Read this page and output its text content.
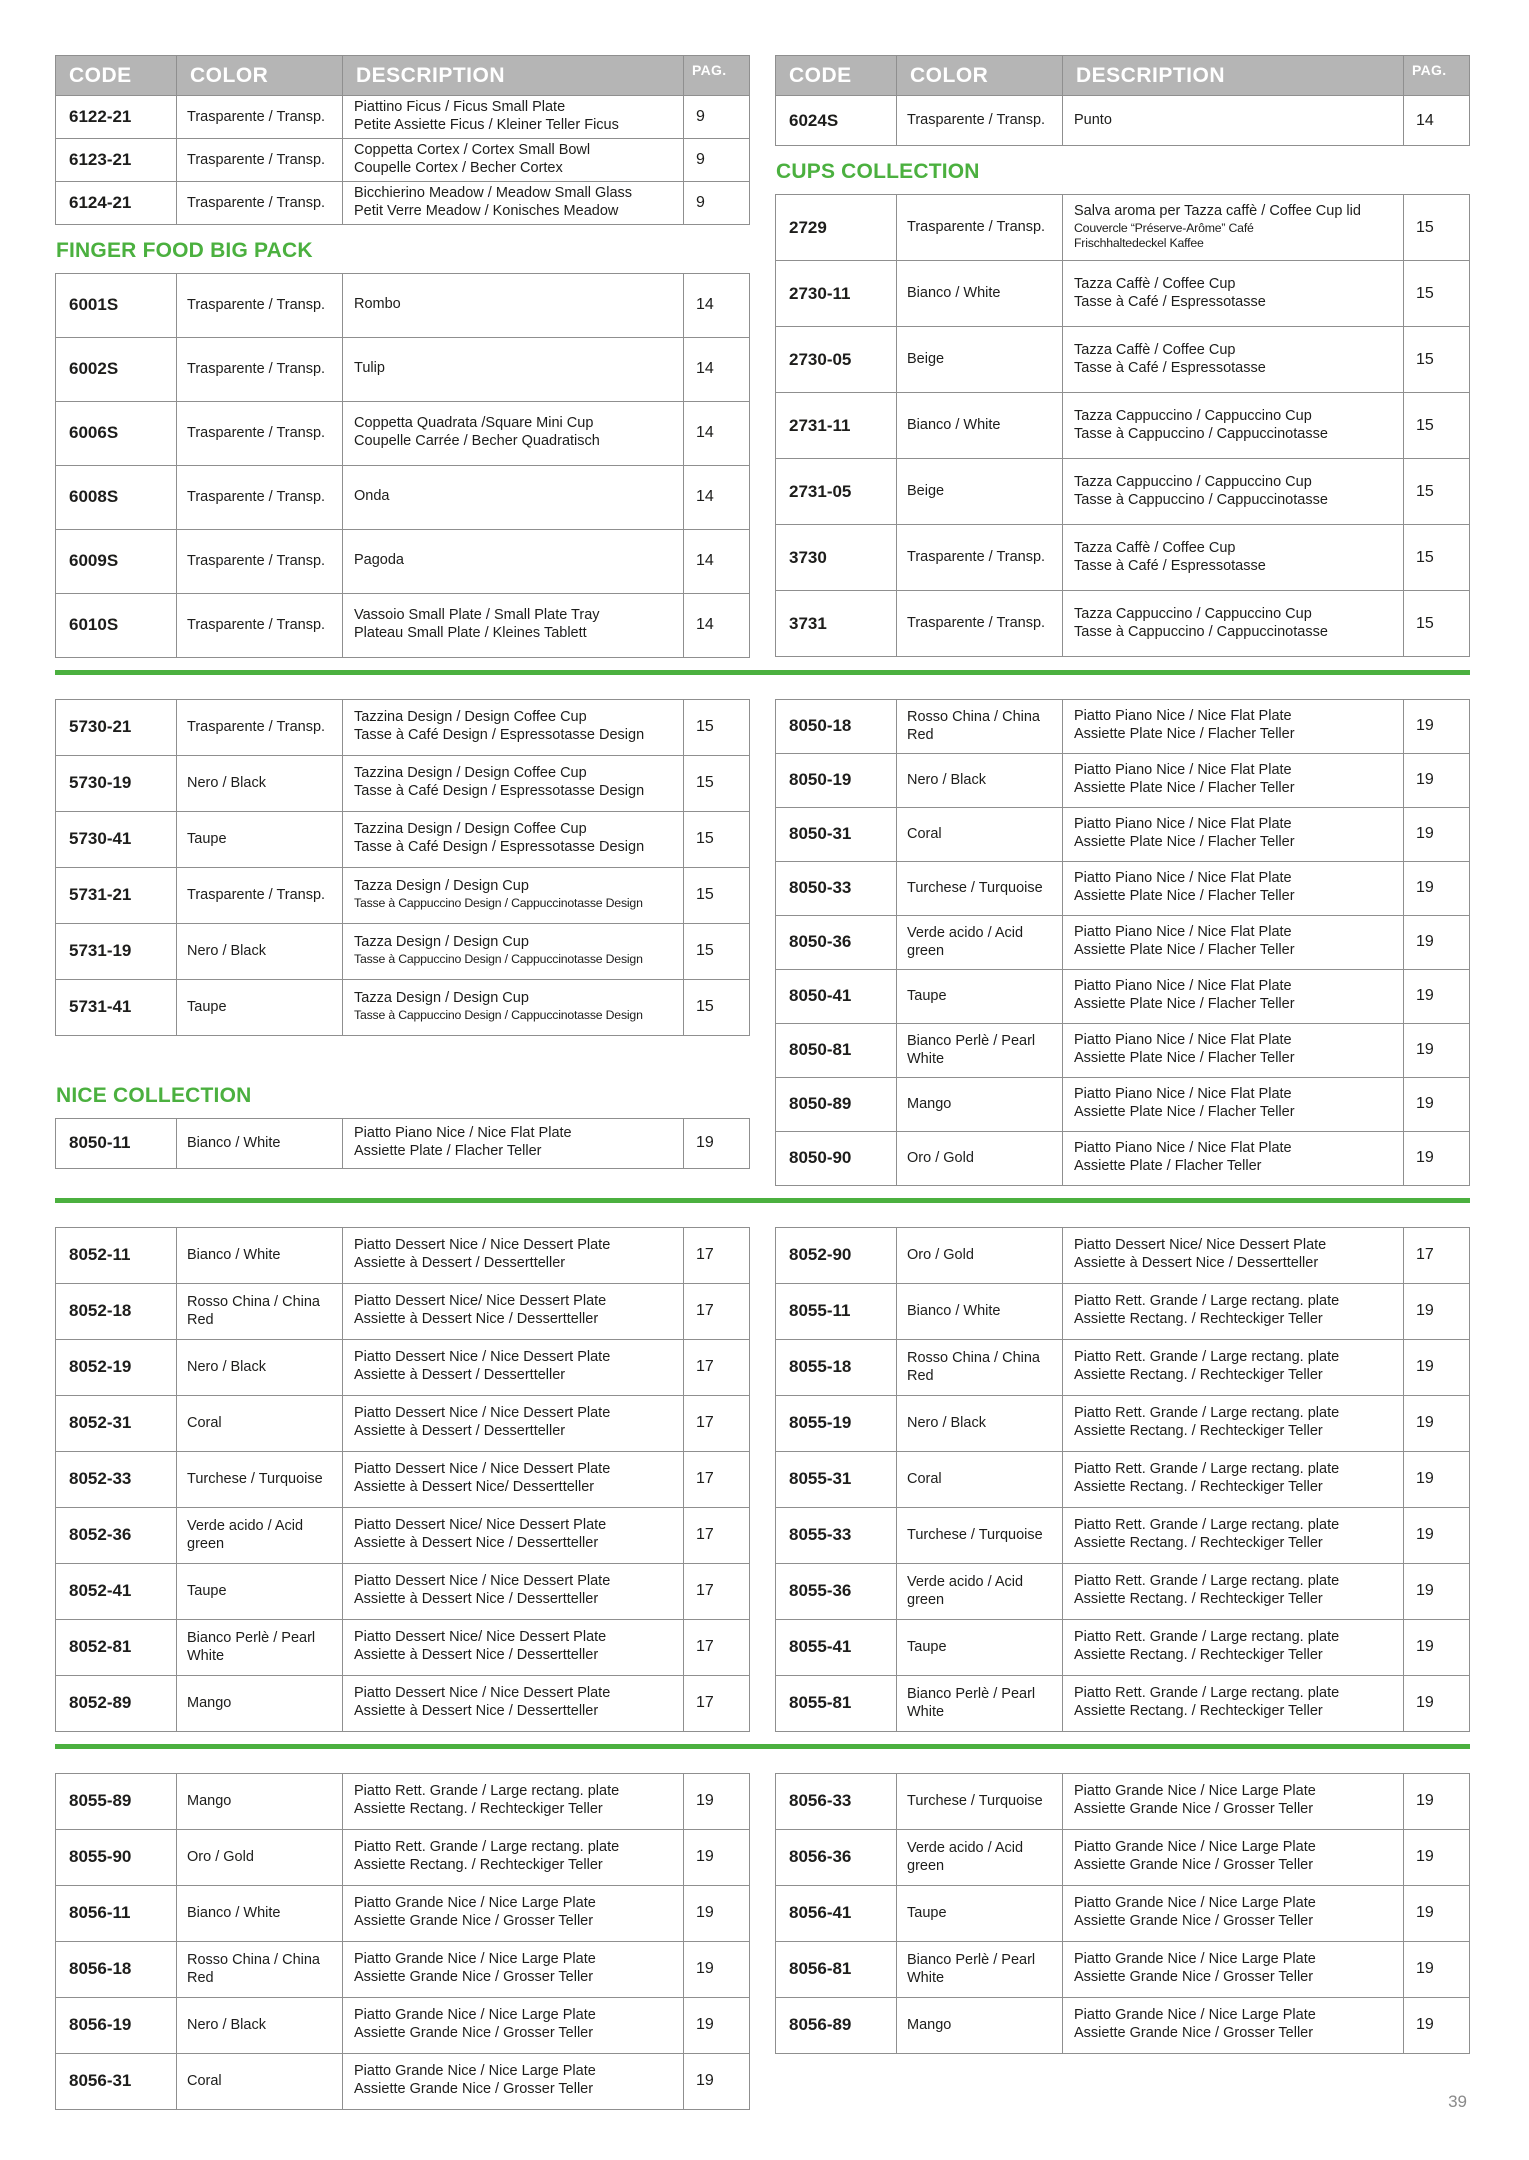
CODE	COLOR	DESCRIPTION	PAG.
6122-21	Trasparente / Transp.	Piattino Ficus / Ficus Small Plate
Petite Assiette Ficus / Kleiner Teller Ficus	9
6123-21	Trasparente / Transp.	Coppetta Cortex / Cortex Small Bowl
Coupelle Cortex / Becher Cortex	9
6124-21	Trasparente / Transp.	Bicchierino Meadow / Meadow Small Glass
Petit Verre Meadow / Konisches Meadow	9
FINGER FOOD BIG PACK
6001S	Trasparente / Transp.	Rombo	14
6002S	Trasparente / Transp.	Tulip	14
6006S	Trasparente / Transp.	Coppetta Quadrata /Square Mini Cup
Coupelle Carrée / Becher Quadratisch	14
6008S	Trasparente / Transp.	Onda	14
6009S	Trasparente / Transp.	Pagoda	14
6010S	Trasparente / Transp.	Vassoio Small Plate / Small Plate Tray
Plateau Small Plate / Kleines Tablett	14
CODE	COLOR	DESCRIPTION	PAG.
6024S	Trasparente / Transp.	Punto	14
CUPS COLLECTION
2729	Trasparente / Transp.	Salva aroma per Tazza caffè / Coffee Cup lid
Couvercle “Préserve-Arôme” Café
Frischhaltedeckel Kaffee	15
2730-11	Bianco / White	Tazza Caffè / Coffee Cup
Tasse à Café / Espressotasse	15
2730-05	Beige	Tazza Caffè / Coffee Cup
Tasse à Café / Espressotasse	15
2731-11	Bianco / White	Tazza Cappuccino / Cappuccino Cup
Tasse à Cappuccino / Cappuccinotasse	15
2731-05	Beige	Tazza Cappuccino / Cappuccino Cup
Tasse à Cappuccino / Cappuccinotasse	15
3730	Trasparente / Transp.	Tazza Caffè / Coffee Cup
Tasse à Café / Espressotasse	15
3731	Trasparente / Transp.	Tazza Cappuccino / Cappuccino Cup
Tasse à Cappuccino / Cappuccinotasse	15
5730-21	Trasparente / Transp.	Tazzina Design / Design Coffee Cup
Tasse à Café Design / Espressotasse Design	15
5730-19	Nero / Black	Tazzina Design / Design Coffee Cup
Tasse à Café Design / Espressotasse Design	15
5730-41	Taupe	Tazzina Design / Design Coffee Cup
Tasse à Café Design / Espressotasse Design	15
5731-21	Trasparente / Transp.	Tazza Design / Design Cup
Tasse à Cappuccino Design / Cappuccinotasse Design	15
5731-19	Nero / Black	Tazza Design / Design Cup
Tasse à Cappuccino Design / Cappuccinotasse Design	15
5731-41	Taupe	Tazza Design / Design Cup
Tasse à Cappuccino Design / Cappuccinotasse Design	15
NICE COLLECTION
8050-11	Bianco / White	
Piatto Piano Nice / Nice Flat Plate
Assiette Plate / Flacher Teller	19
8050-18	Rosso China / China Red	Piatto Piano Nice / Nice Flat Plate
Assiette Plate Nice / Flacher Teller	19
8050-19	Nero / Black	Piatto Piano Nice / Nice Flat Plate
Assiette Plate Nice / Flacher Teller	19
8050-31	Coral	Piatto Piano Nice / Nice Flat Plate
Assiette Plate Nice / Flacher Teller	19
8050-33	Turchese / Turquoise	Piatto Piano Nice / Nice Flat Plate
Assiette Plate Nice / Flacher Teller	19
8050-36	Verde acido / Acid green	Piatto Piano Nice / Nice Flat Plate
Assiette Plate Nice / Flacher Teller	19
8050-41	Taupe	Piatto Piano Nice / Nice Flat Plate
Assiette Plate Nice / Flacher Teller	19
8050-81	Bianco Perlè / Pearl White	Piatto Piano Nice / Nice Flat Plate
Assiette Plate Nice / Flacher Teller	19
8050-89	Mango	Piatto Piano Nice / Nice Flat Plate
Assiette Plate Nice / Flacher Teller	19
8050-90	Oro / Gold	Piatto Piano Nice / Nice Flat Plate
Assiette Plate / Flacher Teller	19
8052-11	Bianco / White	Piatto Dessert Nice / Nice Dessert Plate
Assiette à Dessert / Dessertteller	17
8052-18	Rosso China / China Red	Piatto Dessert Nice/ Nice Dessert Plate
Assiette à Dessert Nice / Dessertteller	17
8052-19	Nero / Black	Piatto Dessert Nice / Nice Dessert Plate
Assiette à Dessert / Dessertteller	17
8052-31	Coral	Piatto Dessert Nice / Nice Dessert Plate
Assiette à Dessert / Dessertteller	17
8052-33	Turchese / Turquoise	Piatto Dessert Nice / Nice Dessert Plate
Assiette à Dessert Nice/ Dessertteller	17
8052-36	Verde acido / Acid green	Piatto Dessert Nice/ Nice Dessert Plate
Assiette à Dessert Nice / Dessertteller	17
8052-41	Taupe	Piatto Dessert Nice / Nice Dessert Plate
Assiette à Dessert Nice / Dessertteller	17
8052-81	Bianco Perlè / Pearl White	Piatto Dessert Nice/ Nice Dessert Plate
Assiette à Dessert Nice / Dessertteller	17
8052-89	Mango	Piatto Dessert Nice / Nice Dessert Plate
Assiette à Dessert Nice / Dessertteller	17
8052-90	Oro / Gold	Piatto Dessert Nice/ Nice Dessert Plate
Assiette à Dessert Nice / Dessertteller	17
8055-11	Bianco / White	Piatto Rett. Grande / Large rectang. plate
Assiette Rectang. / Rechteckiger Teller	19
8055-18	Rosso China / China Red	Piatto Rett. Grande / Large rectang. plate
Assiette Rectang. / Rechteckiger Teller	19
8055-19	Nero / Black	Piatto Rett. Grande / Large rectang. plate
Assiette Rectang. / Rechteckiger Teller	19
8055-31	Coral	Piatto Rett. Grande / Large rectang. plate
Assiette Rectang. / Rechteckiger Teller	19
8055-33	Turchese / Turquoise	Piatto Rett. Grande / Large rectang. plate
Assiette Rectang. / Rechteckiger Teller	19
8055-36	Verde acido / Acid green	Piatto Rett. Grande / Large rectang. plate
Assiette Rectang. / Rechteckiger Teller	19
8055-41	Taupe	Piatto Rett. Grande / Large rectang. plate
Assiette Rectang. / Rechteckiger Teller	19
8055-81	Bianco Perlè / Pearl White	Piatto Rett. Grande / Large rectang. plate
Assiette Rectang. / Rechteckiger Teller	19
8055-89	Mango	Piatto Rett. Grande / Large rectang. plate
Assiette Rectang. / Rechteckiger Teller	19
8055-90	Oro / Gold	Piatto Rett. Grande / Large rectang. plate
Assiette Rectang. / Rechteckiger Teller	19
8056-11	Bianco / White	Piatto Grande Nice / Nice Large Plate
Assiette Grande Nice / Grosser Teller	19
8056-18	Rosso China / China Red	Piatto Grande Nice / Nice Large Plate
Assiette Grande Nice / Grosser Teller	19
8056-19	Nero / Black	Piatto Grande Nice / Nice Large Plate
Assiette Grande Nice / Grosser Teller	19
8056-31	Coral	Piatto Grande Nice / Nice Large Plate
Assiette Grande Nice / Grosser Teller	19
8056-33	Turchese / Turquoise	Piatto Grande Nice / Nice Large Plate
Assiette Grande Nice / Grosser Teller	19
8056-36	Verde acido / Acid green	Piatto Grande Nice / Nice Large Plate
Assiette Grande Nice / Grosser Teller	19
8056-41	Taupe	Piatto Grande Nice / Nice Large Plate
Assiette Grande Nice / Grosser Teller	19
8056-81	Bianco Perlè / Pearl White	Piatto Grande Nice / Nice Large Plate
Assiette Grande Nice / Grosser Teller	19
8056-89	Mango	Piatto Grande Nice / Nice Large Plate
Assiette Grande Nice / Grosser Teller	19
39
